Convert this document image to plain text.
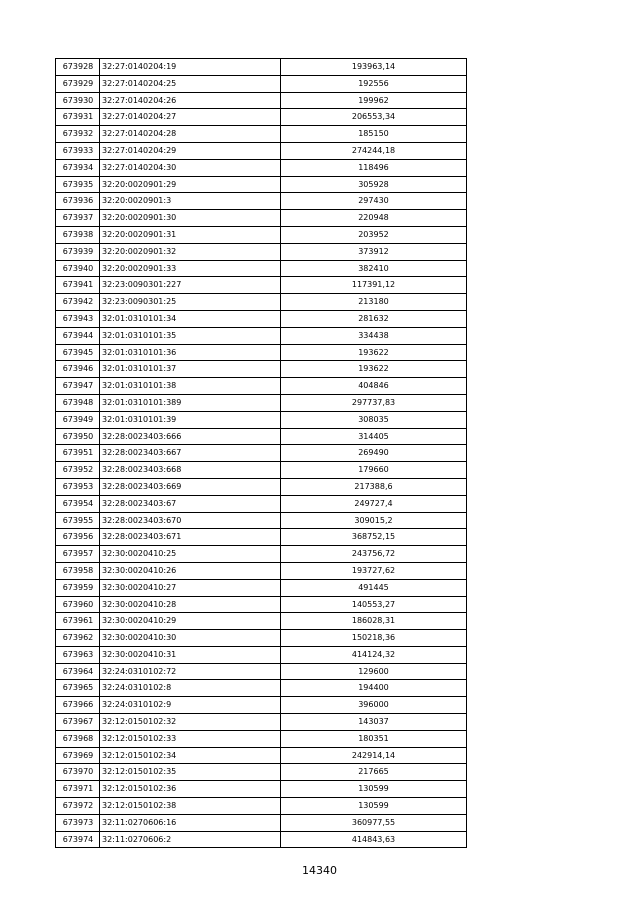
673928	32:27:0140204:19	193963,14
673929	32:27:0140204:25	192556
673930	32:27:0140204:26	199962
673931	32:27:0140204:27	206553,34
673932	32:27:0140204:28	185150
673933	32:27:0140204:29	274244,18
673934	32:27:0140204:30	118496
673935	32:20:0020901:29	305928
673936	32:20:0020901:3	297430
673937	32:20:0020901:30	220948
673938	32:20:0020901:31	203952
673939	32:20:0020901:32	373912
673940	32:20:0020901:33	382410
673941	32:23:0090301:227	117391,12
673942	32:23:0090301:25	213180
673943	32:01:0310101:34	281632
673944	32:01:0310101:35	334438
673945	32:01:0310101:36	193622
673946	32:01:0310101:37	193622
673947	32:01:0310101:38	404846
673948	32:01:0310101:389	297737,83
673949	32:01:0310101:39	308035
673950	32:28:0023403:666	314405
673951	32:28:0023403:667	269490
673952	32:28:0023403:668	179660
673953	32:28:0023403:669	217388,6
673954	32:28:0023403:67	249727,4
673955	32:28:0023403:670	309015,2
673956	32:28:0023403:671	368752,15
673957	32:30:0020410:25	243756,72
673958	32:30:0020410:26	193727,62
673959	32:30:0020410:27	491445
673960	32:30:0020410:28	140553,27
673961	32:30:0020410:29	186028,31
673962	32:30:0020410:30	150218,36
673963	32:30:0020410:31	414124,32
673964	32:24:0310102:72	129600
673965	32:24:0310102:8	194400
673966	32:24:0310102:9	396000
673967	32:12:0150102:32	143037
673968	32:12:0150102:33	180351
673969	32:12:0150102:34	242914,14
673970	32:12:0150102:35	217665
673971	32:12:0150102:36	130599
673972	32:12:0150102:38	130599
673973	32:11:0270606:16	360977,55
673974	32:11:0270606:2	414843,63
14340
